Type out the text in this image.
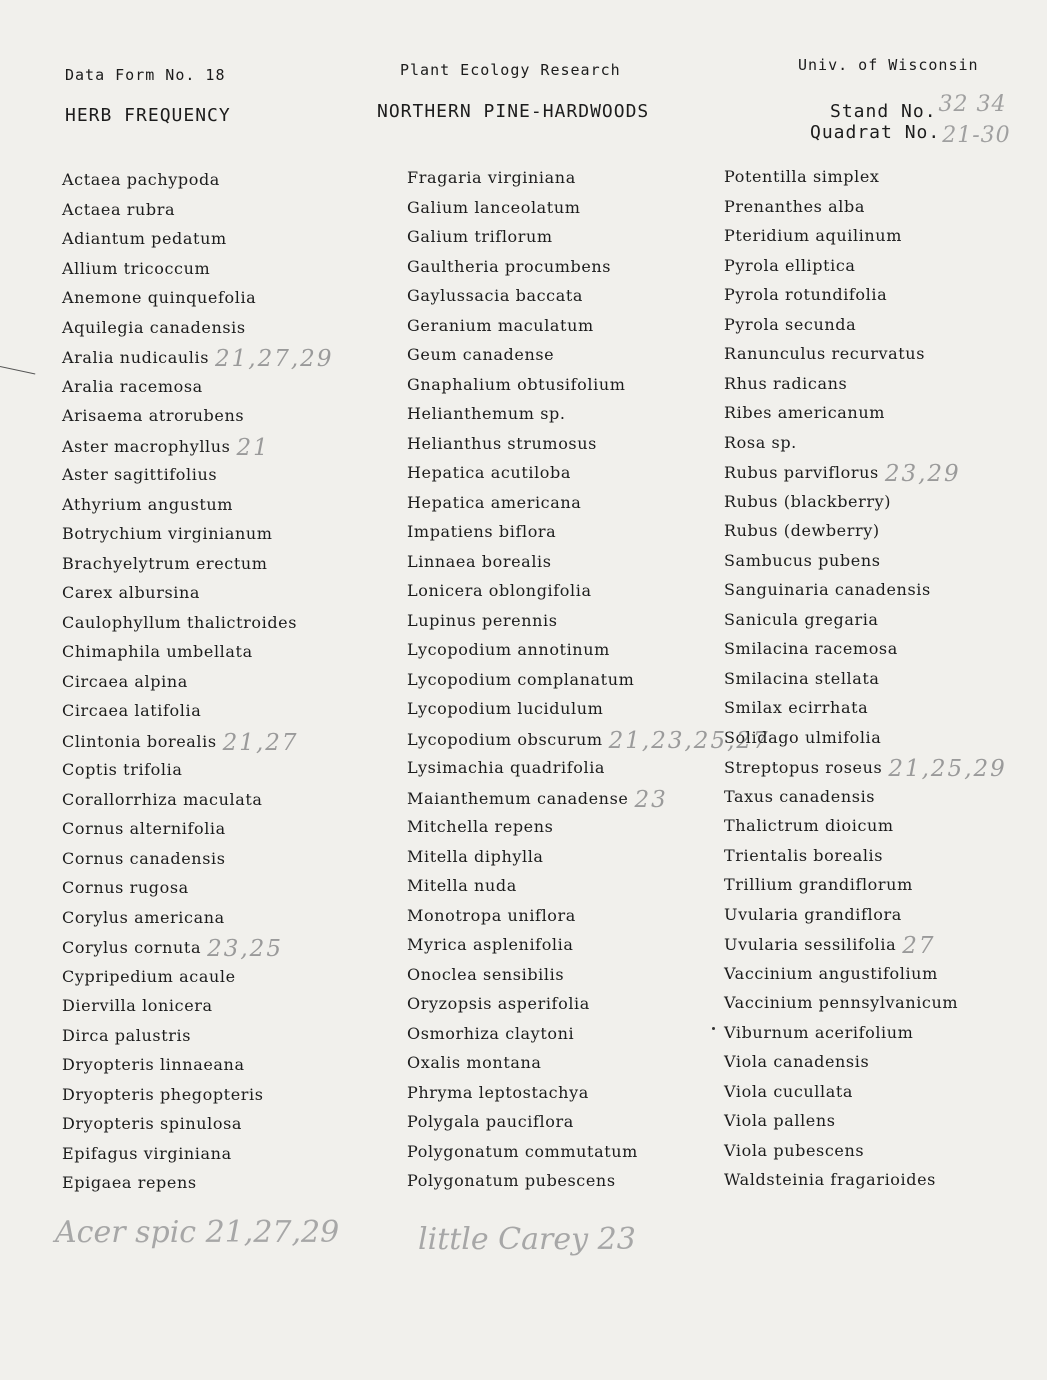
Data Form No. 18	Plant Ecology Research	Univ. of Wisconsin
HERB FREQUENCY	NORTHERN PINE-HARDWOODS	Stand No.32 34
Quadrat No.21-30
Actaea pachypoda
Actaea rubra
Adiantum pedatum
Allium tricoccum
Anemone quinquefolia
Aquilegia canadensis
Aralia nudicaulis 21,27,29
Aralia racemosa
Arisaema atrorubens
Aster macrophyllus 21
Aster sagittifolius
Athyrium angustum
Botrychium virginianum
Brachyelytrum erectum
Carex albursina
Caulophyllum thalictroides
Chimaphila umbellata
Circaea alpina
Circaea latifolia
Clintonia borealis 21,27
Coptis trifolia
Corallorrhiza maculata
Cornus alternifolia
Cornus canadensis
Cornus rugosa
Corylus americana
Corylus cornuta 23,25
Cypripedium acaule
Diervilla lonicera
Dirca palustris
Dryopteris linnaeana
Dryopteris phegopteris
Dryopteris spinulosa
Epifagus virginiana
Epigaea repens
Fragaria virginiana
Galium lanceolatum
Galium triflorum
Gaultheria procumbens
Gaylussacia baccata
Geranium maculatum
Geum canadense
Gnaphalium obtusifolium
Helianthemum sp.
Helianthus strumosus
Hepatica acutiloba
Hepatica americana
Impatiens biflora
Linnaea borealis
Lonicera oblongifolia
Lupinus perennis
Lycopodium annotinum
Lycopodium complanatum
Lycopodium lucidulum
Lycopodium obscurum 21,23,25,27
Lysimachia quadrifolia
Maianthemum canadense 23
Mitchella repens
Mitella diphylla
Mitella nuda
Monotropa uniflora
Myrica asplenifolia
Onoclea sensibilis
Oryzopsis asperifolia
Osmorhiza claytoni
Oxalis montana
Phryma leptostachya
Polygala pauciflora
Polygonatum commutatum
Polygonatum pubescens
Potentilla simplex
Prenanthes alba
Pteridium aquilinum
Pyrola elliptica
Pyrola rotundifolia
Pyrola secunda
Ranunculus recurvatus
Rhus radicans
Ribes americanum
Rosa sp.
Rubus parviflorus 23,29
Rubus (blackberry)
Rubus (dewberry)
Sambucus pubens
Sanguinaria canadensis
Sanicula gregaria
Smilacina racemosa
Smilacina stellata
Smilax ecirrhata
Solidago ulmifolia
Streptopus roseus 21,25,29
Taxus canadensis
Thalictrum dioicum
Trientalis borealis
Trillium grandiflorum
Uvularia grandiflora
Uvularia sessilifolia 27
Vaccinium angustifolium
Vaccinium pennsylvanicum
Viburnum acerifolium
Viola canadensis
Viola cucullata
Viola pallens
Viola pubescens
Waldsteinia fragarioides
Acer spic 21,27,29	little Carey 23
